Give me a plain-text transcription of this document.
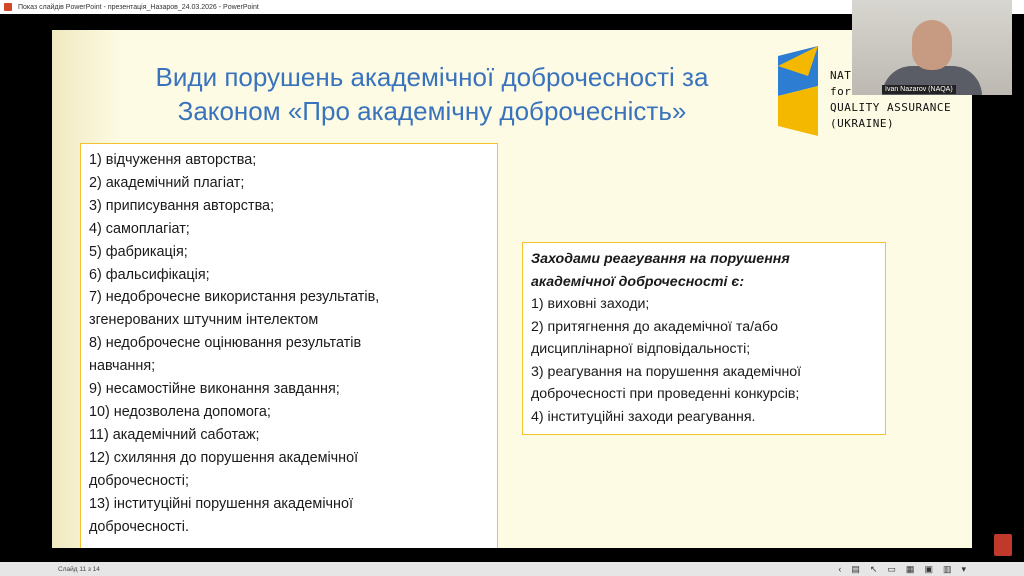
Показ слайдів PowerPoint - презентація_Назаров_24.03.2026 - PowerPoint
Види порушень академічної доброчесності за
Законом «Про академічну доброчесність»
NAT
for
QUALITY ASSURANCE
(UKRAINE)
1) відчуження авторства;
2) академічний плагіат;
3) приписування авторства;
4) самоплагіат;
5) фабрикація;
6) фальсифікація;
7) недоброчесне використання результатів,
згенерованих штучним інтелектом
8) недоброчесне оцінювання результатів
навчання;
9) несамостійне виконання завдання;
10) недозволена допомога;
11) академічний саботаж;
12) схиляння до порушення академічної
доброчесності;
13) інституційні порушення академічної
доброчесності.
Заходами реагування на порушення
академічної доброчесності є:
1) виховні заходи;
2) притягнення до академічної та/або
дисциплінарної відповідальності;
3) реагування на порушення академічної
доброчесності при проведенні конкурсів;
4) інституційні заходи реагування.
Ivan Nazarov (NAQA)
Слайд 11 з 14	‹ ▤ ↖ ▭ ▦ ▣ ▥ ▾
